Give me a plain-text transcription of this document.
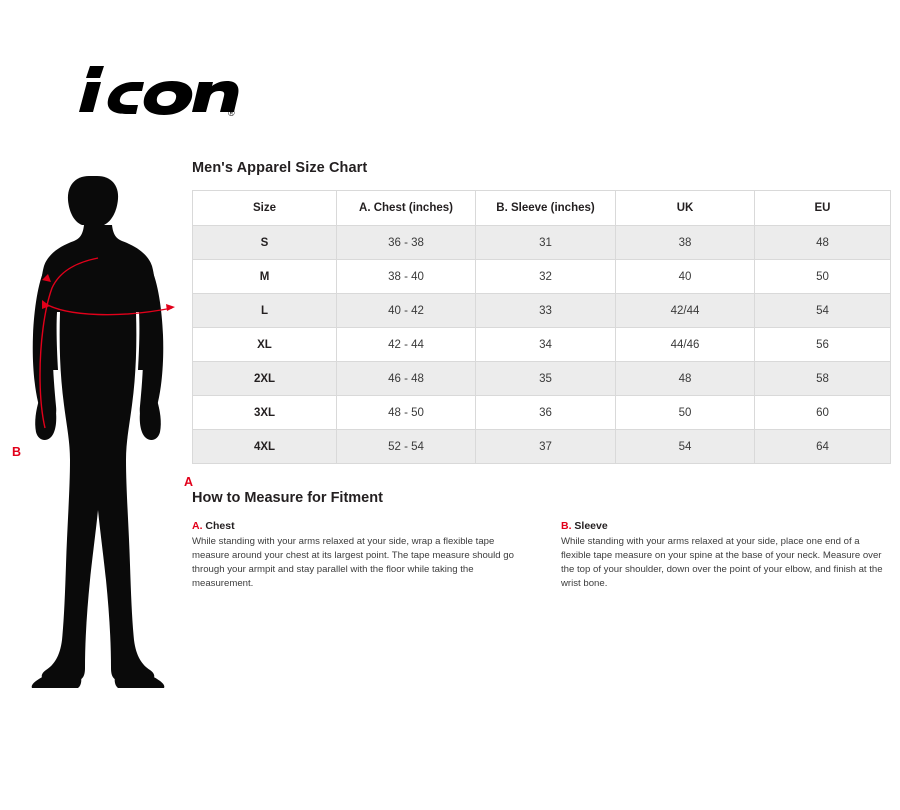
®
B
A
Men's Apparel Size Chart
Size	A. Chest (inches)	B. Sleeve (inches)	UK	EU
S	36 - 38	31	38	48
M	38 - 40	32	40	50
L	40 - 42	33	42/44	54
XL	42 - 44	34	44/46	56
2XL	46 - 48	35	48	58
3XL	48 - 50	36	50	60
4XL	52 - 54	37	54	64
How to Measure for Fitment
A. Chest

While standing with your arms relaxed at your side, wrap a flexible tape measure around your chest at its largest point. The tape measure should go through your armpit and stay parallel with the floor while taking the measurement.

B. Sleeve

While standing with your arms relaxed at your side, place one end of a flexible tape measure on your spine at the base of your neck. Measure over the top of your shoulder, down over the point of your elbow, and finish at the wrist bone.
